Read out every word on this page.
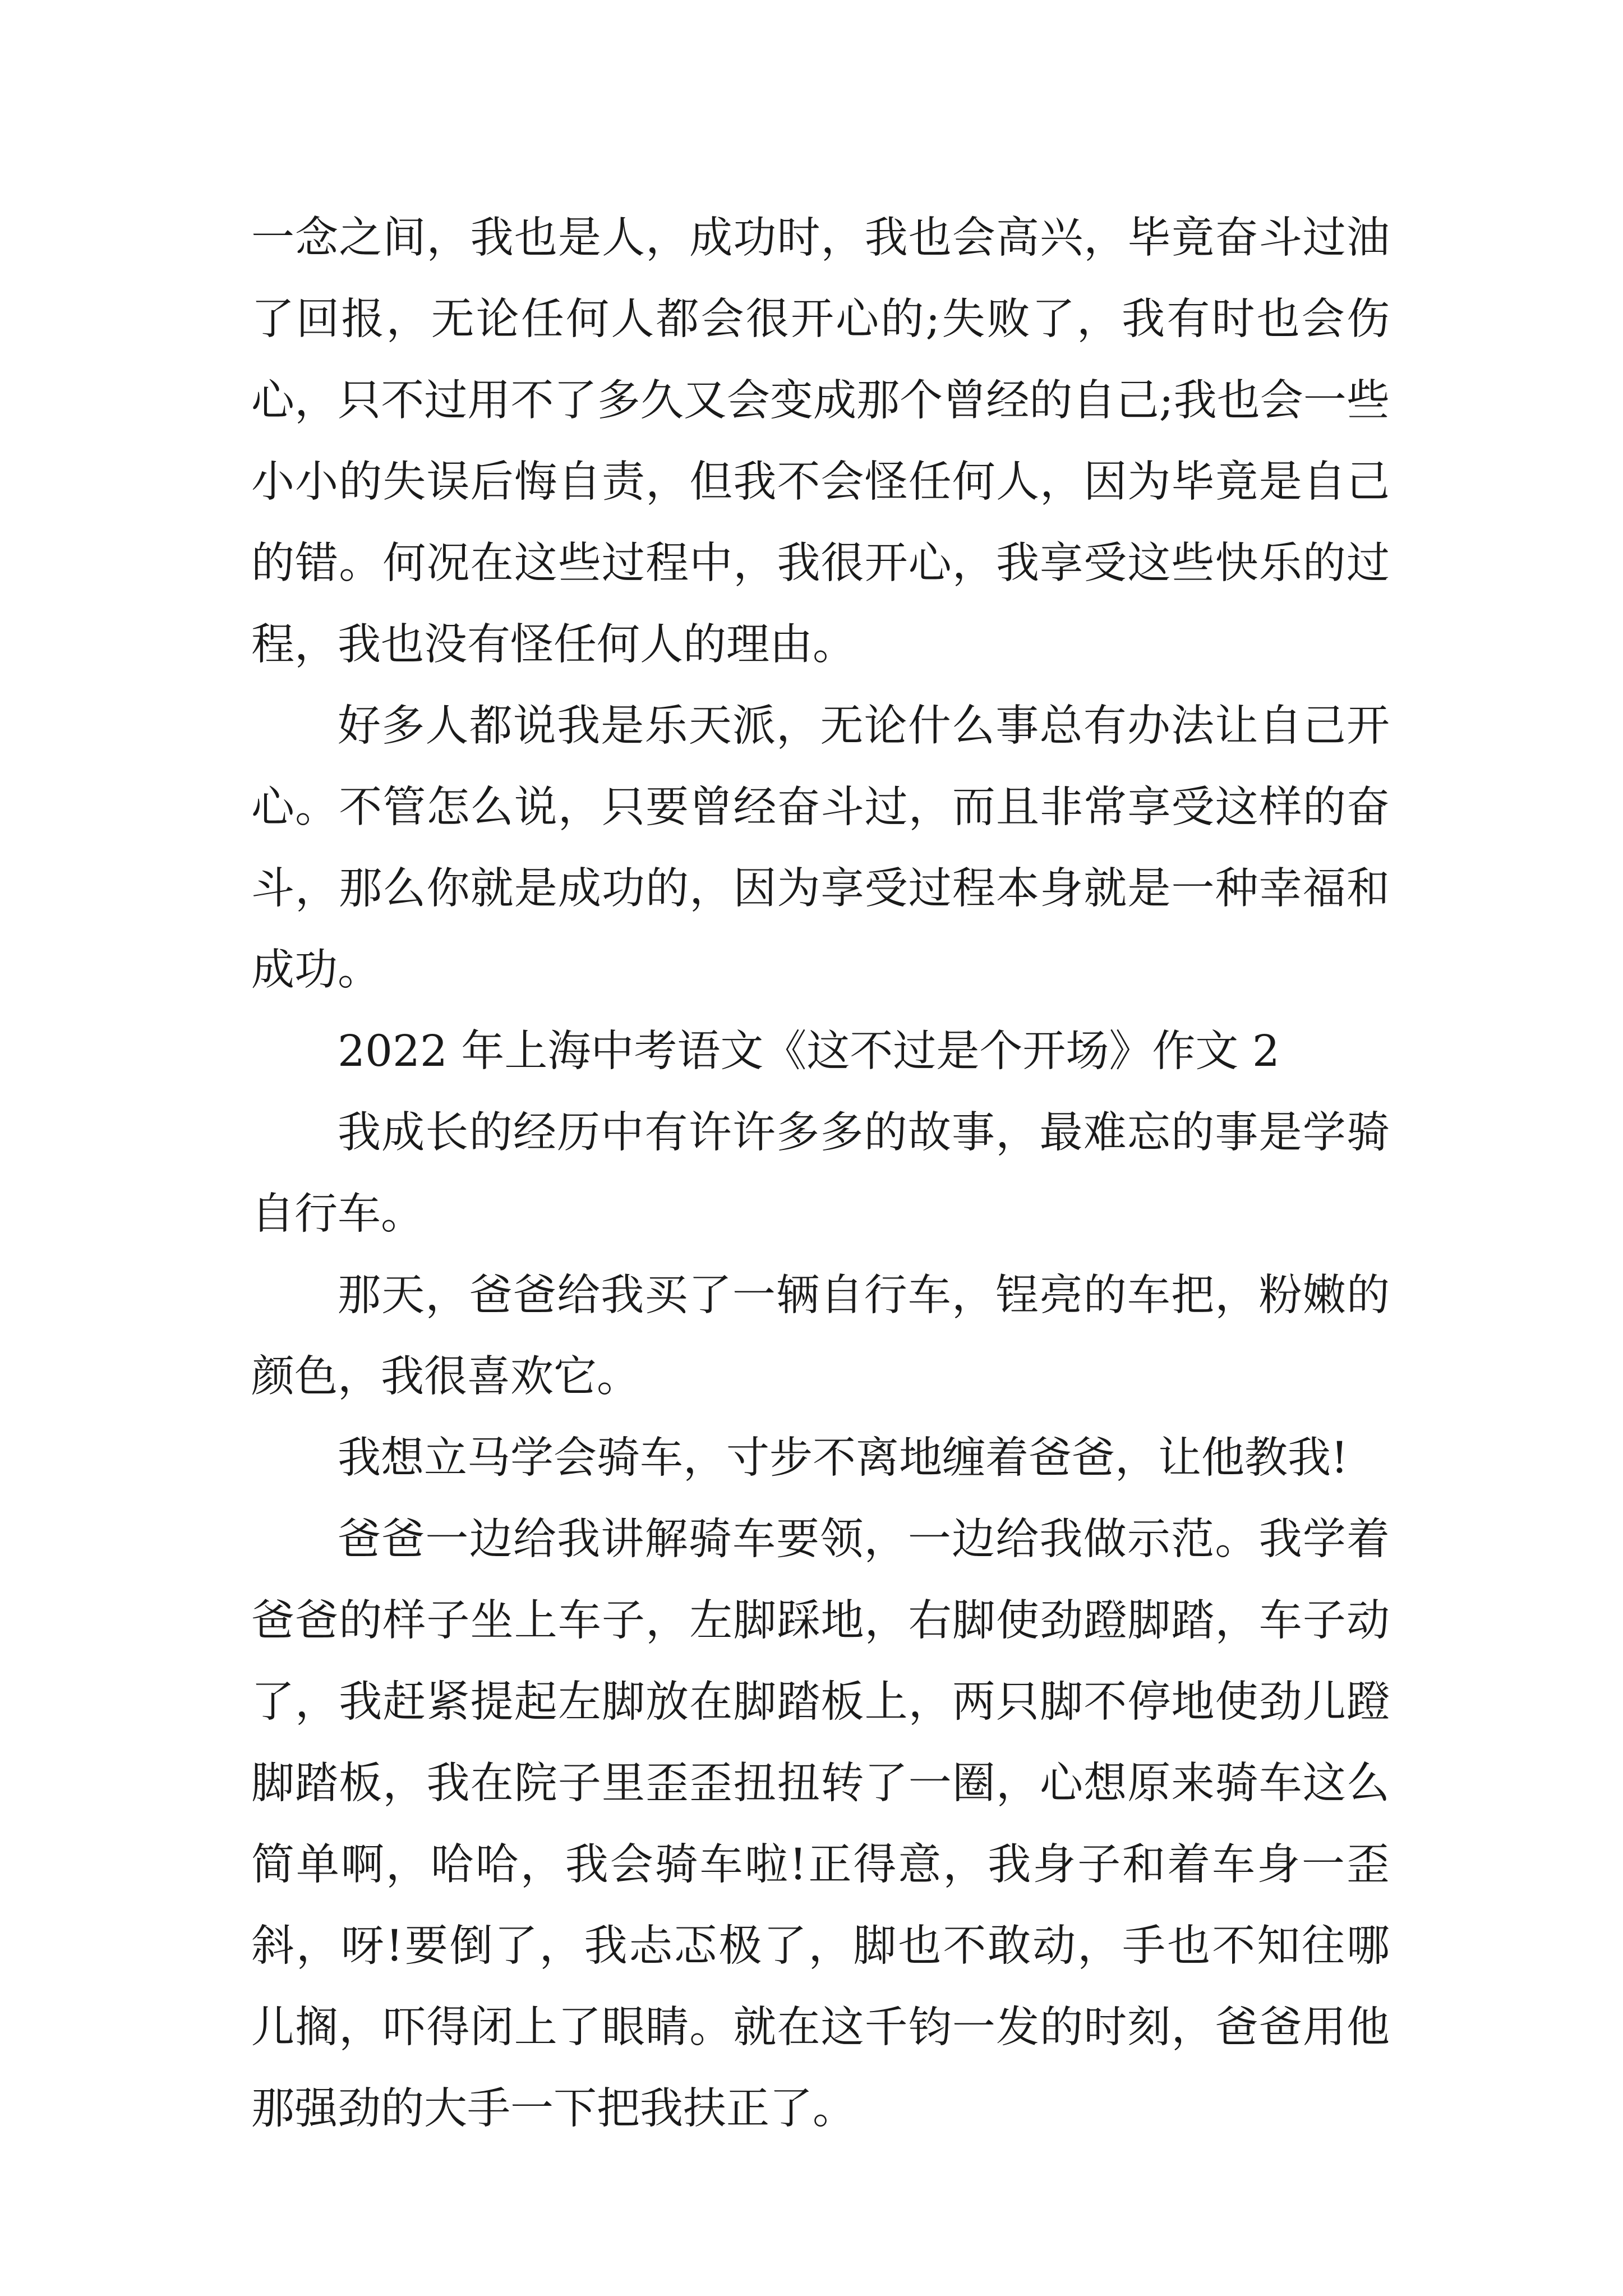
一念之间，我也是人，成功时，我也会高兴，毕竟奋斗过油了回报，无论任何人都会很开心的;失败了，我有时也会伤心，只不过用不了多久又会变成那个曾经的自己;我也会一些小小的失误后悔自责，但我不会怪任何人，因为毕竟是自己的错。何况在这些过程中，我很开心，我享受这些快乐的过程，我也没有怪任何人的理由。

好多人都说我是乐天派，无论什么事总有办法让自己开心。不管怎么说，只要曾经奋斗过，而且非常享受这样的奋斗，那么你就是成功的，因为享受过程本身就是一种幸福和成功。

2022 年上海中考语文《这不过是个开场》作文 2

我成长的经历中有许许多多的故事，最难忘的事是学骑自行车。

那天，爸爸给我买了一辆自行车，锃亮的车把，粉嫩的颜色，我很喜欢它。

我想立马学会骑车，寸步不离地缠着爸爸，让他教我!

爸爸一边给我讲解骑车要领，一边给我做示范。我学着爸爸的样子坐上车子，左脚踩地，右脚使劲蹬脚踏，车子动了，我赶紧提起左脚放在脚踏板上，两只脚不停地使劲儿蹬脚踏板，我在院子里歪歪扭扭转了一圈，心想原来骑车这么简单啊，哈哈，我会骑车啦!正得意，我身子和着车身一歪斜，呀!要倒了，我忐忑极了，脚也不敢动，手也不知往哪儿搁，吓得闭上了眼睛。就在这千钧一发的时刻，爸爸用他那强劲的大手一下把我扶正了。
